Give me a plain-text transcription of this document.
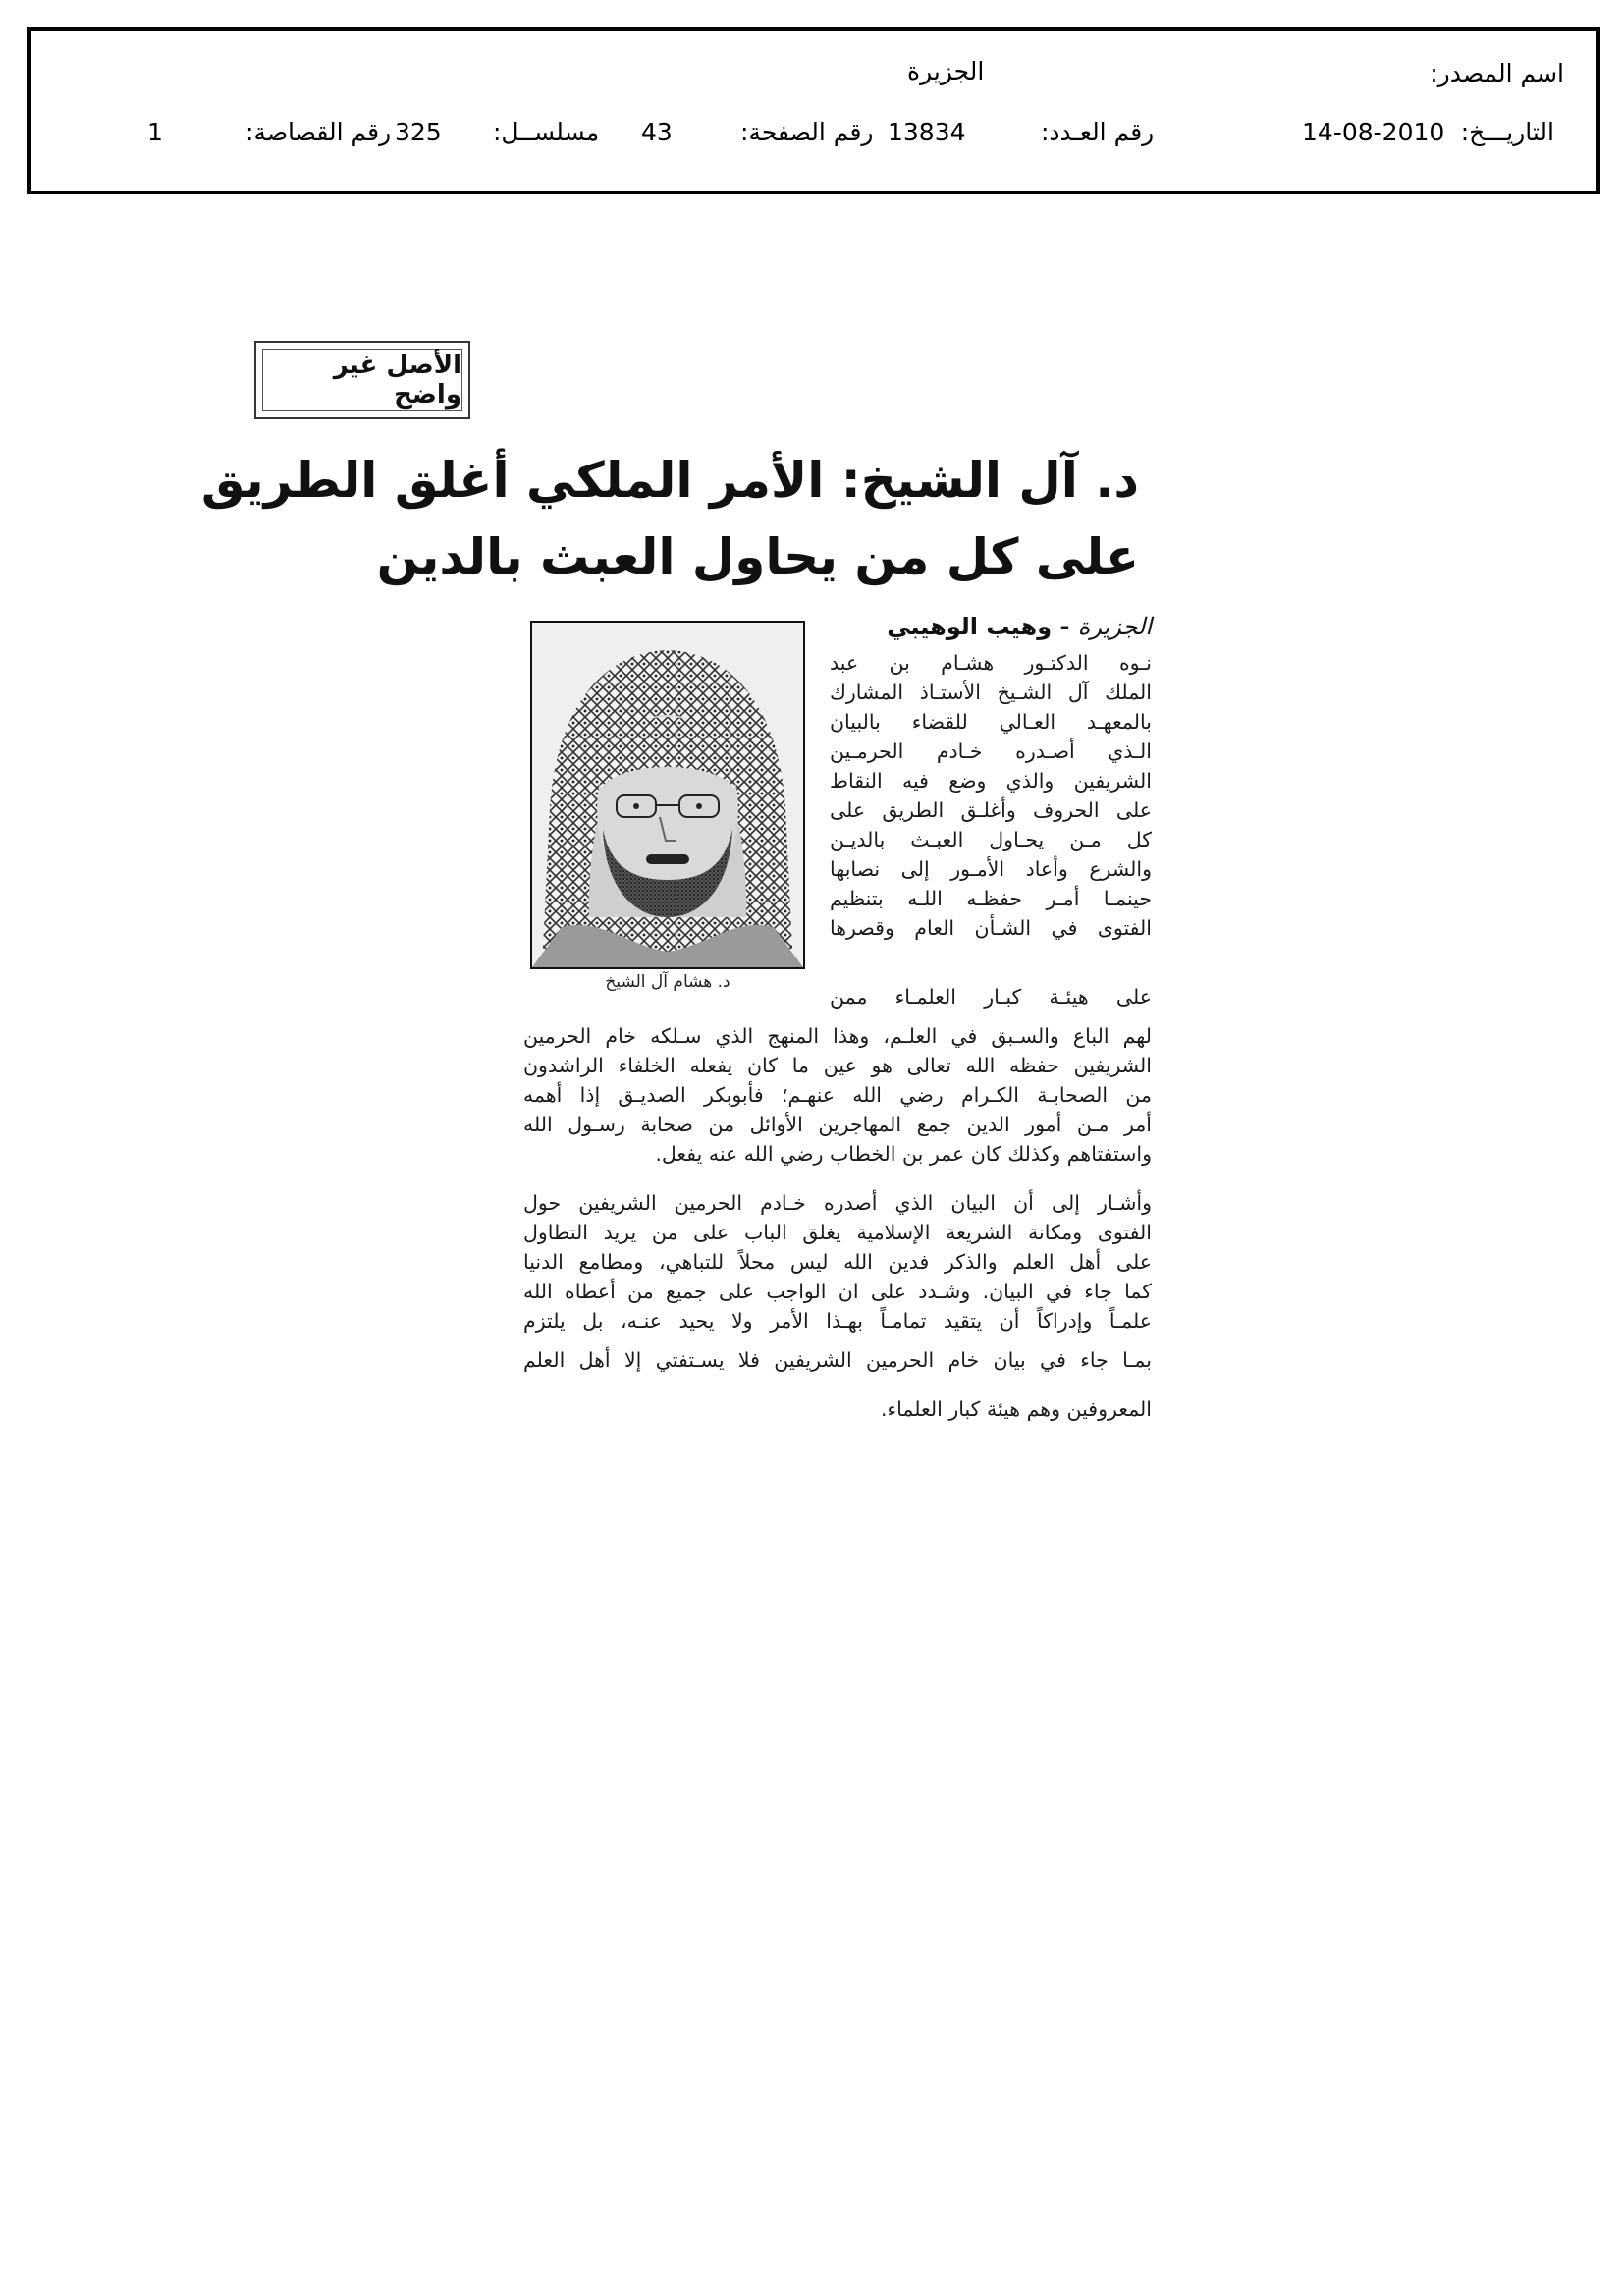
اسم المصدر:
الجزيرة
التاريـــخ:
14-08-2010
رقم العـدد:
13834
رقم الصفحة:
43
مسلســل:
325
رقم القصاصة:
1
الأصل غير واضح
د. آل الشيخ: الأمر الملكي أغلق الطريق
على كل من يحاول العبث بالدين
الجزيرة - وهيب الوهيبي
د. هشام آل الشيخ
نـوه الدكتـور هشـام بن عبد
الملك آل الشـيخ الأستـاذ المشارك
بالمعهـد العـالي للقضاء بالبيان
الـذي أصـدره خـادم الحرمـين
الشريفين والذي وضع فيه النقاط
على الحروف وأغلـق الطريق على
كل مـن يحـاول العبـث بالديـن
والشرع وأعاد الأمـور إلى نصابها
حينمـا أمـر حفظـه اللـه بتنظيم
الفتوى في الشـأن العام وقصرها
على هيئـة كبـار العلمـاء ممن
لهم الباع والسـبق في العلـم، وهذا المنهج الذي سـلكه خام الحرمين
الشريفين حفظه الله تعالى هو عين ما كان يفعله الخلفاء الراشدون
من الصحابـة الكـرام رضي الله عنهـم؛ فأبوبكر الصديـق إذا أهمه
أمر مـن أمور الدين جمع المهاجرين الأوائل من صحابة رسـول الله
واستفتاهم وكذلك كان عمر بن الخطاب رضي الله عنه يفعل.
وأشـار إلى أن البيان الذي أصدره خـادم الحرمين الشريفين حول
الفتوى ومكانة الشريعة الإسلامية يغلق الباب على من يريد التطاول
على أهل العلم والذكر فدين الله ليس محلاً للتباهي، ومطامع الدنيا
كما جاء في البيان. وشـدد على ان الواجب على جميع من أعطاه الله
علمـاً وإدراكاً أن يتقيد تمامـاً بهـذا الأمر ولا يحيد عنـه، بل يلتزم
بمـا جاء في بيان خام الحرمين الشريفين فلا يسـتفتي إلا أهل العلم
المعروفين وهم هيئة كبار العلماء.
